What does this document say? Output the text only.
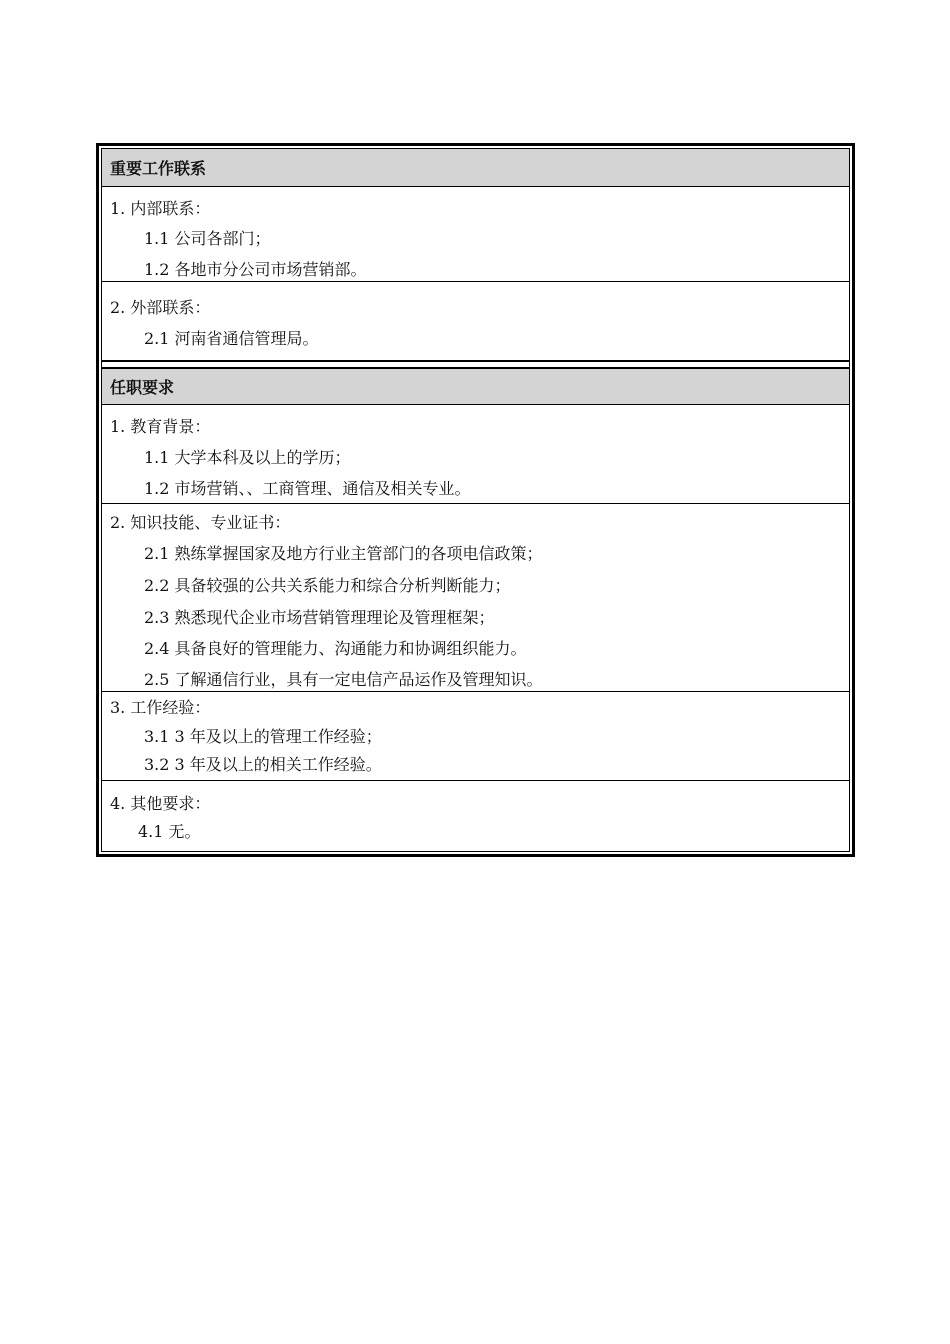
重要工作联系
1. 内部联系：
1.1 公司各部门；
1.2 各地市分公司市场营销部。
2. 外部联系：
2.1 河南省通信管理局。
任职要求
1. 教育背景：
1.1 大学本科及以上的学历；
1.2 市场营销、、工商管理、通信及相关专业。
2. 知识技能、专业证书：
2.1 熟练掌握国家及地方行业主管部门的各项电信政策；
2.2 具备较强的公共关系能力和综合分析判断能力；
2.3 熟悉现代企业市场营销管理理论及管理框架；
2.4 具备良好的管理能力、沟通能力和协调组织能力。
2.5 了解通信行业，具有一定电信产品运作及管理知识。
3. 工作经验：
3.1 3 年及以上的管理工作经验；
3.2 3 年及以上的相关工作经验。
4. 其他要求：
4.1 无。
